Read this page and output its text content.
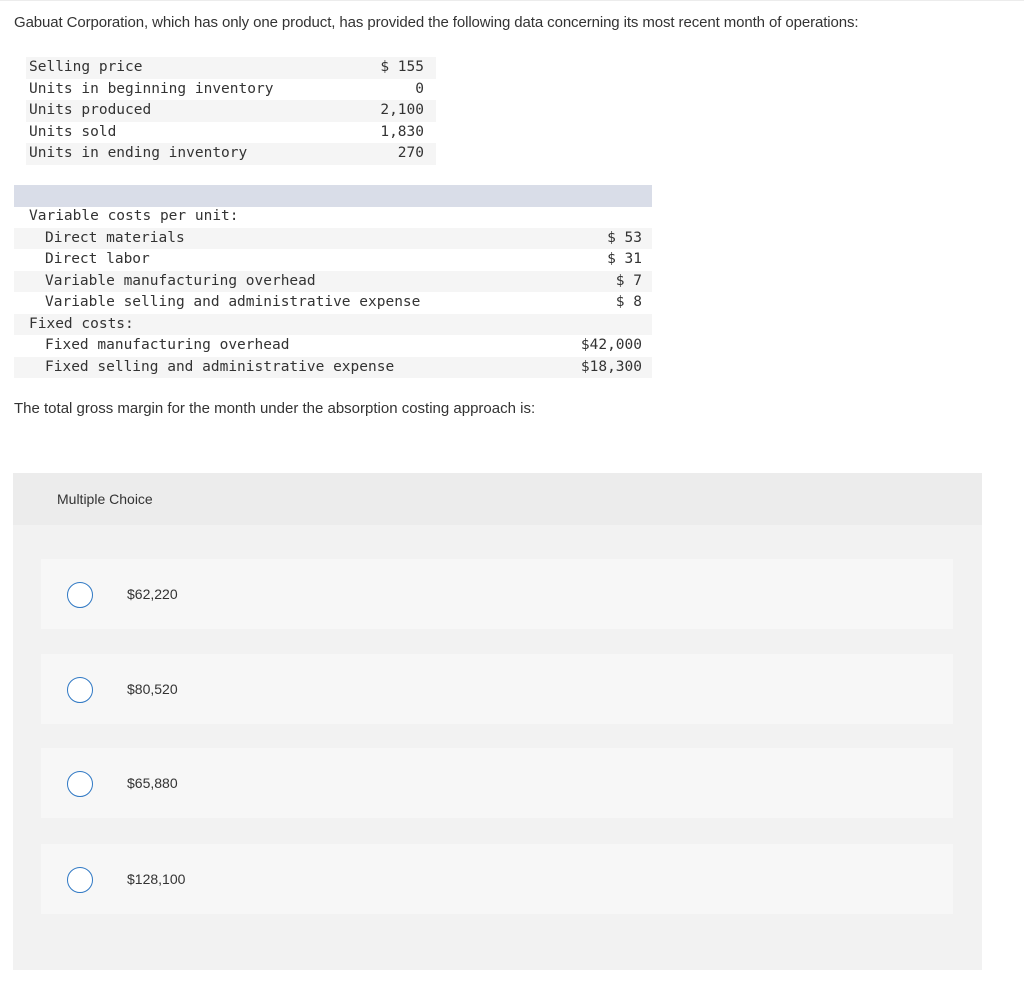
Gabuat Corporation, which has only one product, has provided the following data concerning its most recent month of operations:
Selling price	$ 155
Units in beginning inventory	0
Units produced	2,100
Units sold	1,830
Units in ending inventory	270
Variable costs per unit:	
Direct materials	$ 53
Direct labor	$ 31
Variable manufacturing overhead	$ 7
Variable selling and administrative expense	$ 8
Fixed costs:	
Fixed manufacturing overhead	$42,000
Fixed selling and administrative expense	$18,300
The total gross margin for the month under the absorption costing approach is:
Multiple Choice
$62,220
$80,520
$65,880
$128,100
